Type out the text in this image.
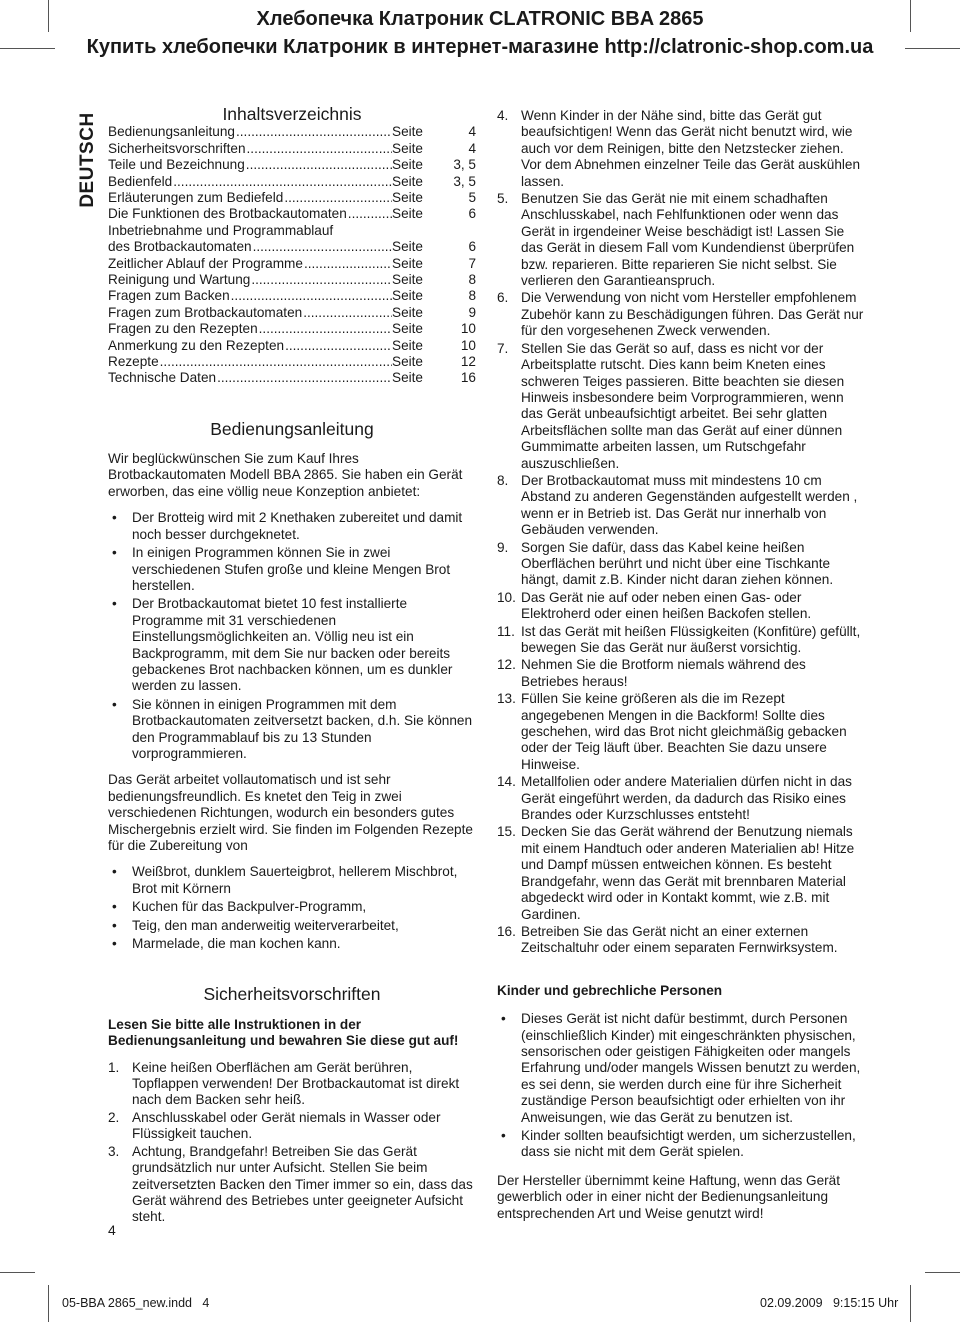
Хлебопечка Клатроник CLATRONIC BBA 2865
Купить хлебопечки Клатроник в интернет-магазине http://clatronic-shop.com.ua
DEUTSCH	Inhaltsverzeichnis
Bedienungsanleitung .....	Seite	4
Sicherheitsvorschriften .....	Seite	4
Teile und Bezeichnung .....	Seite	3, 5
Bedienfeld .....	Seite	3, 5
Erläuterungen zum Bediefeld .....	Seite	5
Die Funktionen des Brotbackautomaten .....	Seite	6
Inbetriebnahme und Programmablauf
des Brotbackautomaten .....	Seite	6
Zeitlicher Ablauf der Programme .....	Seite	7
Reinigung und Wartung .....	Seite	8
Fragen zum Backen .....	Seite	8
Fragen zum Brotbackautomaten .....	Seite	9
Fragen zu den Rezepten .....	Seite	10
Anmerkung zu den Rezepten .....	Seite	10
Rezepte .....	Seite	12
Technische Daten .....	Seite	16
Bedienungsanleitung

Wir beglückwünschen Sie zum Kauf Ihres Brotbackautomaten Modell BBA 2865. Sie haben ein Gerät erworben, das eine völlig neue Konzeption anbietet:

• Der Brotteig wird mit 2 Knethaken zubereitet und damit noch besser durchgeknetet.
• In einigen Programmen können Sie in zwei verschiedenen Stufen große und kleine Mengen Brot herstellen.
• Der Brotbackautomat bietet 10 fest installierte Programme mit 31 verschiedenen Einstellungsmöglichkeiten an. Völlig neu ist ein Backprogramm, mit dem Sie nur backen oder bereits gebackenes Brot nachbacken können, um es dunkler werden zu lassen.
• Sie können in einigen Programmen mit dem Brotbackautomaten zeitversetzt backen, d.h. Sie können den Programmablauf bis zu 13 Stunden vorprogrammieren.

Das Gerät arbeitet vollautomatisch und ist sehr bedienungsfreundlich. Es knetet den Teig in zwei verschiedenen Richtungen, wodurch ein besonders gutes Mischergebnis erzielt wird. Sie finden im Folgenden Rezepte für die Zubereitung von

• Weißbrot, dunklem Sauerteigbrot, hellerem Mischbrot, Brot mit Körnern
• Kuchen für das Backpulver-Programm,
• Teig, den man anderweitig weiterverarbeitet,
• Marmelade, die man kochen kann.
Sicherheitsvorschriften

Lesen Sie bitte alle Instruktionen in der Bedienungsanleitung und bewahren Sie diese gut auf!

1. Keine heißen Oberflächen am Gerät berühren, Topflappen verwenden! Der Brotbackautomat ist direkt nach dem Backen sehr heiß.
2. Anschlusskabel oder Gerät niemals in Wasser oder Flüssigkeit tauchen.
3. Achtung, Brandgefahr! Betreiben Sie das Gerät grundsätzlich nur unter Aufsicht. Stellen Sie beim zeitversetzten Backen den Timer immer so ein, dass das Gerät während des Betriebes unter geeigneter Aufsicht steht.
4. Wenn Kinder in der Nähe sind, bitte das Gerät gut beaufsichtigen! Wenn das Gerät nicht benutzt wird, wie auch vor dem Reinigen, bitte den Netzstecker ziehen. Vor dem Abnehmen einzelner Teile das Gerät auskühlen lassen.
5. Benutzen Sie das Gerät nie mit einem schadhaften Anschlusskabel, nach Fehlfunktionen oder wenn das Gerät in irgendeiner Weise beschädigt ist! Lassen Sie das Gerät in diesem Fall vom Kundendienst überprüfen bzw. reparieren. Bitte reparieren Sie nicht selbst. Sie verlieren den Garantieanspruch.
6. Die Verwendung von nicht vom Hersteller empfohlenem Zubehör kann zu Beschädigungen führen. Das Gerät nur für den vorgesehenen Zweck verwenden.
7. Stellen Sie das Gerät so auf, dass es nicht vor der Arbeitsplatte rutscht. Dies kann beim Kneten eines schweren Teiges passieren. Bitte beachten sie diesen Hinweis insbesondere beim Vorprogrammieren, wenn das Gerät unbeaufsichtigt arbeitet. Bei sehr glatten Arbeitsflächen sollte man das Gerät auf einer dünnen Gummimatte arbeiten lassen, um Rutschgefahr auszuschließen.
8. Der Brotbackautomat muss mit mindestens 10 cm Abstand zu anderen Gegenständen aufgestellt werden , wenn er in Betrieb ist. Das Gerät nur innerhalb von Gebäuden verwenden.
9. Sorgen Sie dafür, dass das Kabel keine heißen Oberflächen berührt und nicht über eine Tischkante hängt, damit z.B. Kinder nicht daran ziehen können.
10. Das Gerät nie auf oder neben einen Gas- oder Elektroherd oder einen heißen Backofen stellen.
11. Ist das Gerät mit heißen Flüssigkeiten (Konfitüre) gefüllt, bewegen Sie das Gerät nur äußerst vorsichtig.
12. Nehmen Sie die Brotform niemals während des Betriebes heraus!
13. Füllen Sie keine größeren als die im Rezept angegebenen Mengen in die Backform! Sollte dies geschehen, wird das Brot nicht gleichmäßig gebacken oder der Teig läuft über. Beachten Sie dazu unsere Hinweise.
14. Metallfolien oder andere Materialien dürfen nicht in das Gerät eingeführt werden, da dadurch das Risiko eines Brandes oder Kurzschlusses entsteht!
15. Decken Sie das Gerät während der Benutzung niemals mit einem Handtuch oder anderen Materialien ab! Hitze und Dampf müssen entweichen können. Es besteht Brandgefahr, wenn das Gerät mit brennbaren Material abgedeckt wird oder in Kontakt kommt, wie z.B. mit Gardinen.
16. Betreiben Sie das Gerät nicht an einer externen Zeitschaltuhr oder einem separaten Fernwirksystem.

Kinder und gebrechliche Personen

• Dieses Gerät ist nicht dafür bestimmt, durch Personen (einschließlich Kinder) mit eingeschränkten physischen, sensorischen oder geistigen Fähigkeiten oder mangels Erfahrung und/oder mangels Wissen benutzt zu werden, es sei denn, sie werden durch eine für ihre Sicherheit zuständige Person beaufsichtigt oder erhielten von ihr Anweisungen, wie das Gerät zu benutzen ist.
• Kinder sollten beaufsichtigt werden, um sicherzustellen, dass sie nicht mit dem Gerät spielen.

Der Hersteller übernimmt keine Haftung, wenn das Gerät gewerblich oder in einer nicht der Bedienungsanleitung entsprechenden Art und Weise genutzt wird!

4
05-BBA 2865_new.indd   4	02.09.2009   9:15:15 Uhr
